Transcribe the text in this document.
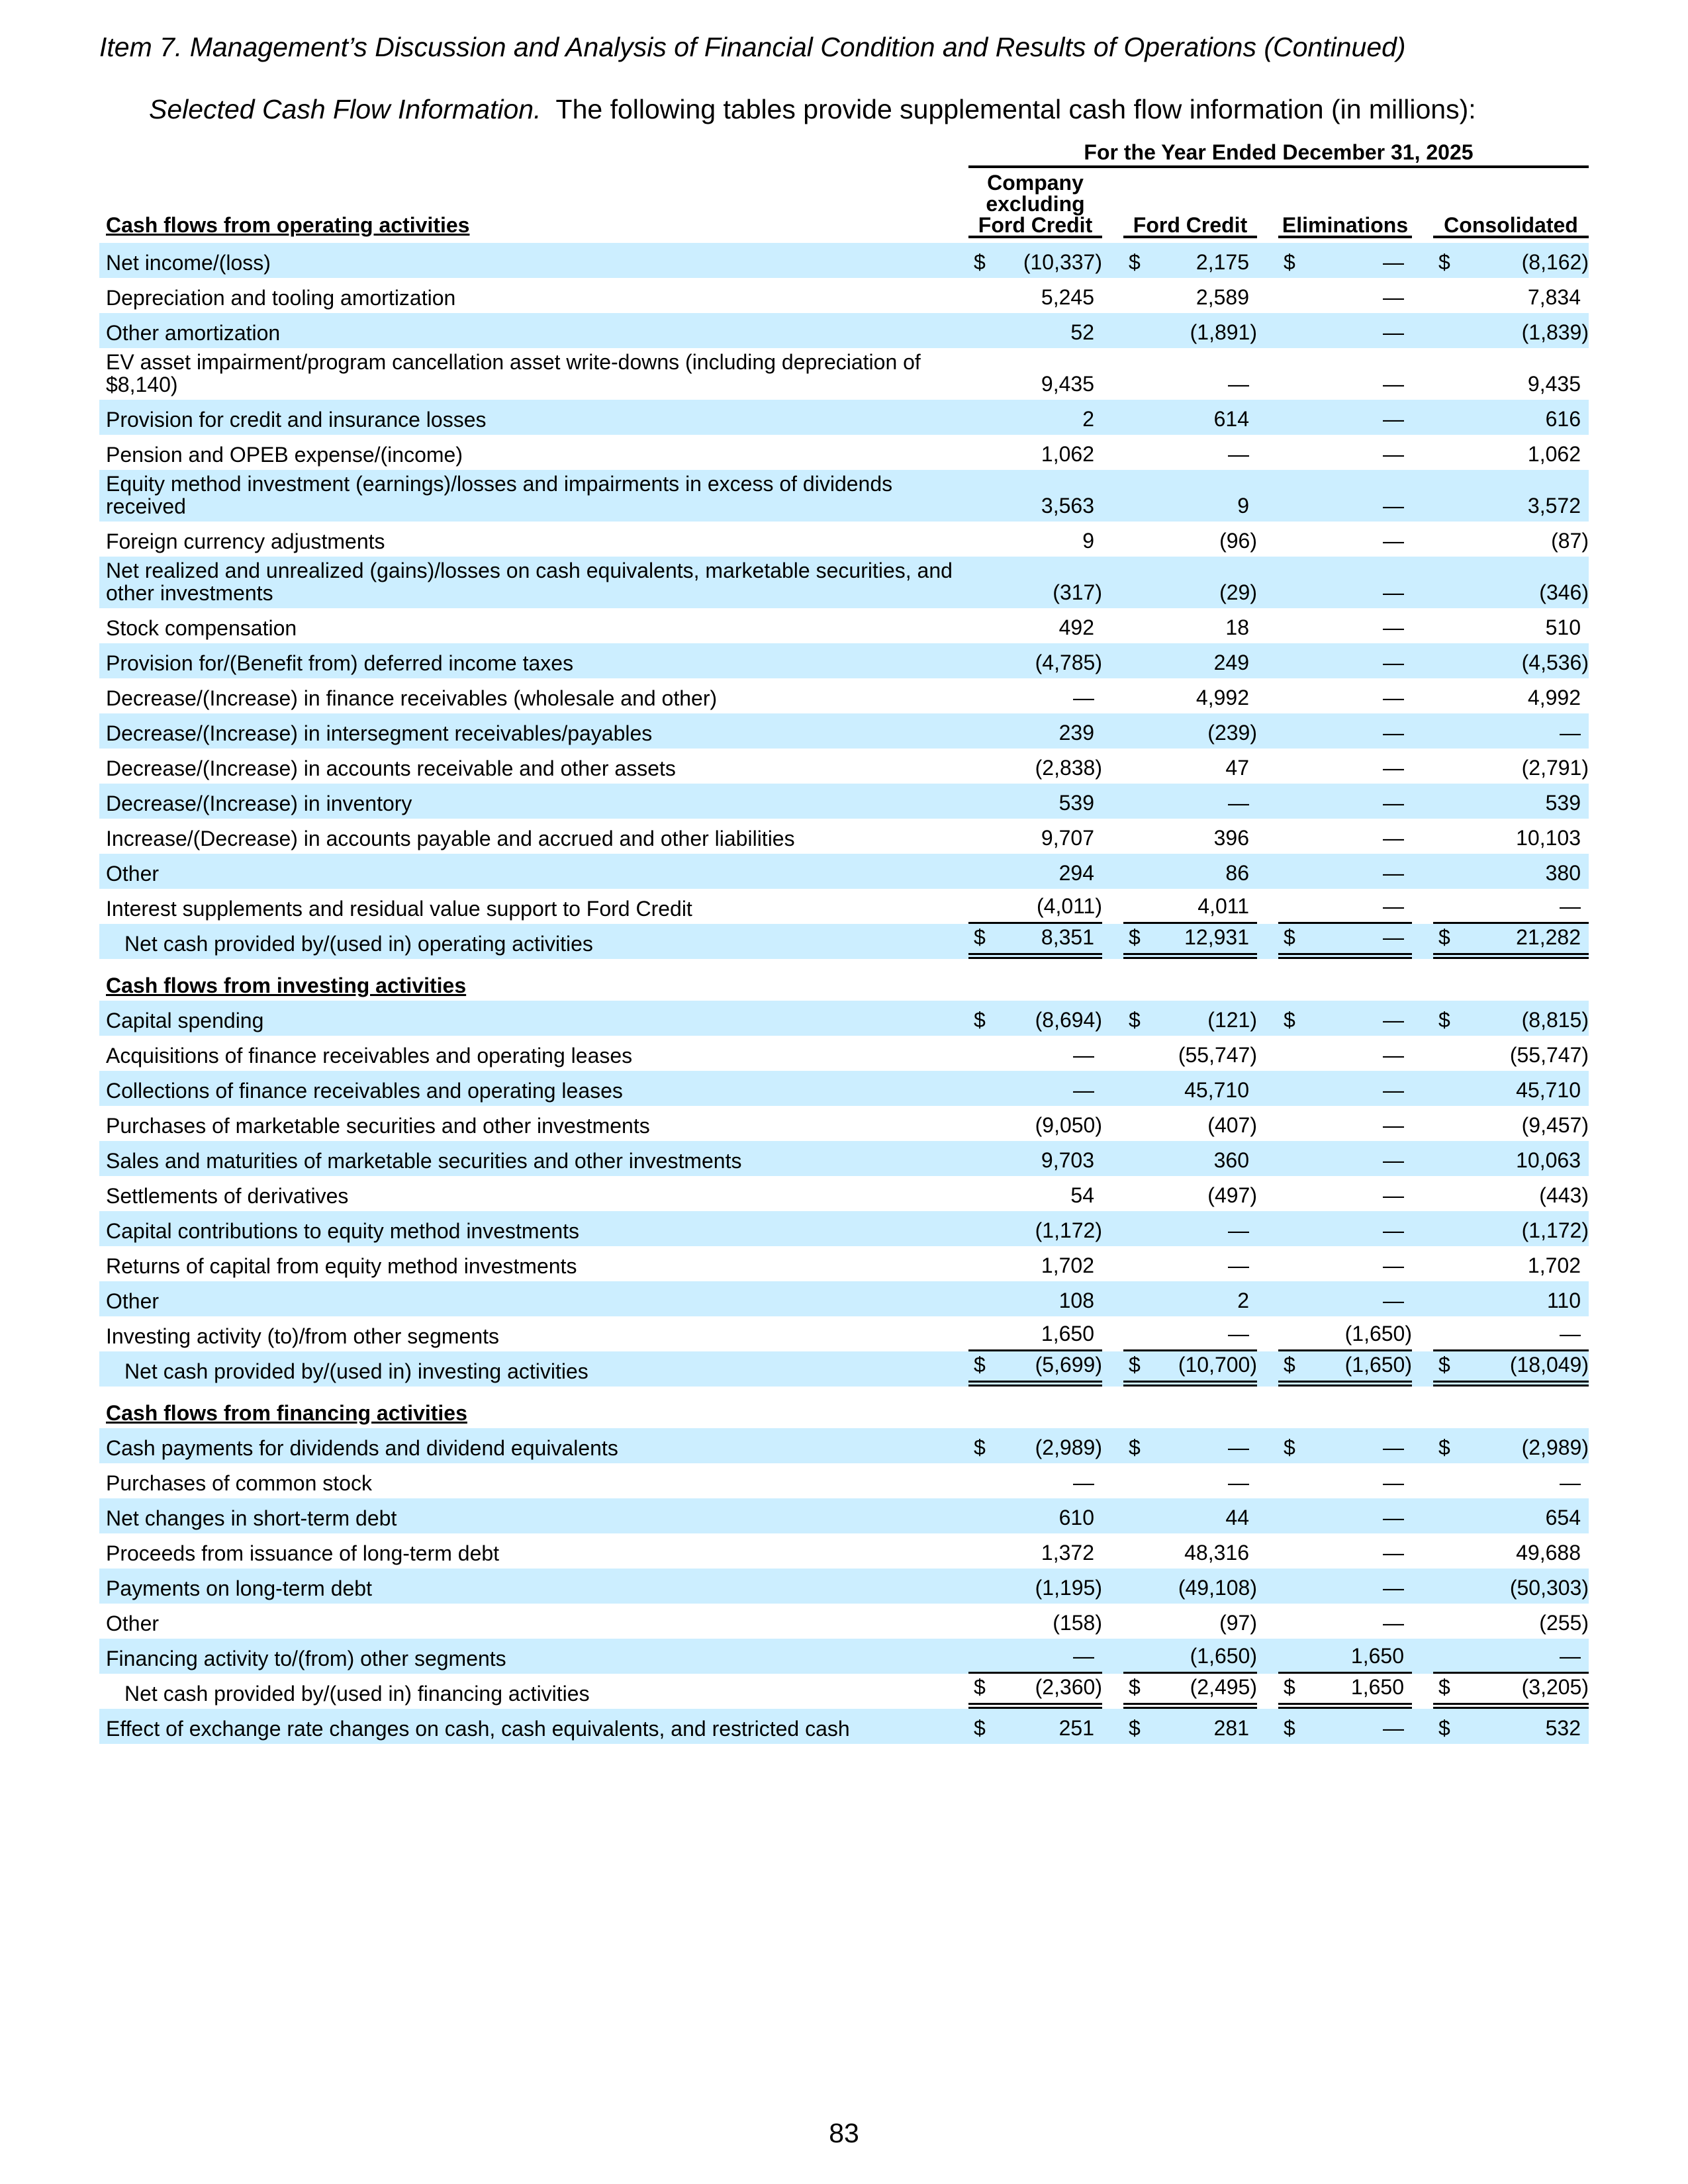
Item 7. Management’s Discussion and Analysis of Financial Condition and Results of Operations (Continued)
Selected Cash Flow Information. The following tables provide supplemental cash flow information (in millions):
For the Year Ended December 31, 2025
Company excluding Ford Credit	Ford Credit	Eliminations	Consolidated
Cash flows from operating activities
Net income/(loss)	$ (10,337) $	2,175 $	— $	(8,162)
Depreciation and tooling amortization	5,245	2,589	—	7,834
Other amortization	52	(1,891)	—	(1,839)
EV asset impairment/program cancellation asset write-downs (including depreciation of $8,140)	9,435	—	—	9,435
Provision for credit and insurance losses	2	614	—	616
Pension and OPEB expense/(income)	1,062	—	—	1,062
Equity method investment (earnings)/losses and impairments in excess of dividends received	3,563	9	—	3,572
Foreign currency adjustments	9	(96)	—	(87)
Net realized and unrealized (gains)/losses on cash equivalents, marketable securities, and other investments	(317)	(29)	—	(346)
Stock compensation	492	18	—	510
Provision for/(Benefit from) deferred income taxes	(4,785)	249	—	(4,536)
Decrease/(Increase) in finance receivables (wholesale and other)	—	4,992	—	4,992
Decrease/(Increase) in intersegment receivables/payables	239	(239)	—	—
Decrease/(Increase) in accounts receivable and other assets	(2,838)	47	—	(2,791)
Decrease/(Increase) in inventory	539	—	—	539
Increase/(Decrease) in accounts payable and accrued and other liabilities	9,707	396	—	10,103
Other	294	86	—	380
Interest supplements and residual value support to Ford Credit	(4,011)	4,011	—	—
Net cash provided by/(used in) operating activities	$	8,351 $ 12,931 $	— $	21,282
Cash flows from investing activities
Capital spending	$ (8,694) $	(121) $	— $	(8,815)
Acquisitions of finance receivables and operating leases	—	(55,747)	—	(55,747)
Collections of finance receivables and operating leases	—	45,710	—	45,710
Purchases of marketable securities and other investments	(9,050)	(407)	—	(9,457)
Sales and maturities of marketable securities and other investments	9,703	360	—	10,063
Settlements of derivatives	54	(497)	—	(443)
Capital contributions to equity method investments	(1,172)	—	—	(1,172)
Returns of capital from equity method investments	1,702	—	—	1,702
Other	108	2	—	110
Investing activity (to)/from other segments	1,650	—	(1,650)	—
Net cash provided by/(used in) investing activities	$ (5,699) $ (10,700) $ (1,650) $	(18,049)
Cash flows from financing activities
Cash payments for dividends and dividend equivalents	$ (2,989) $	— $	— $	(2,989)
Purchases of common stock	—	—	—	—
Net changes in short-term debt	610	44	—	654
Proceeds from issuance of long-term debt	1,372	48,316	—	49,688
Payments on long-term debt	(1,195)	(49,108)	—	(50,303)
Other	(158)	(97)	—	(255)
Financing activity to/(from) other segments	—	(1,650)	1,650	—
Net cash provided by/(used in) financing activities	$ (2,360) $ (2,495) $	1,650 $	(3,205)
Effect of exchange rate changes on cash, cash equivalents, and restricted cash	$	251 $	281 $	— $	532
83
